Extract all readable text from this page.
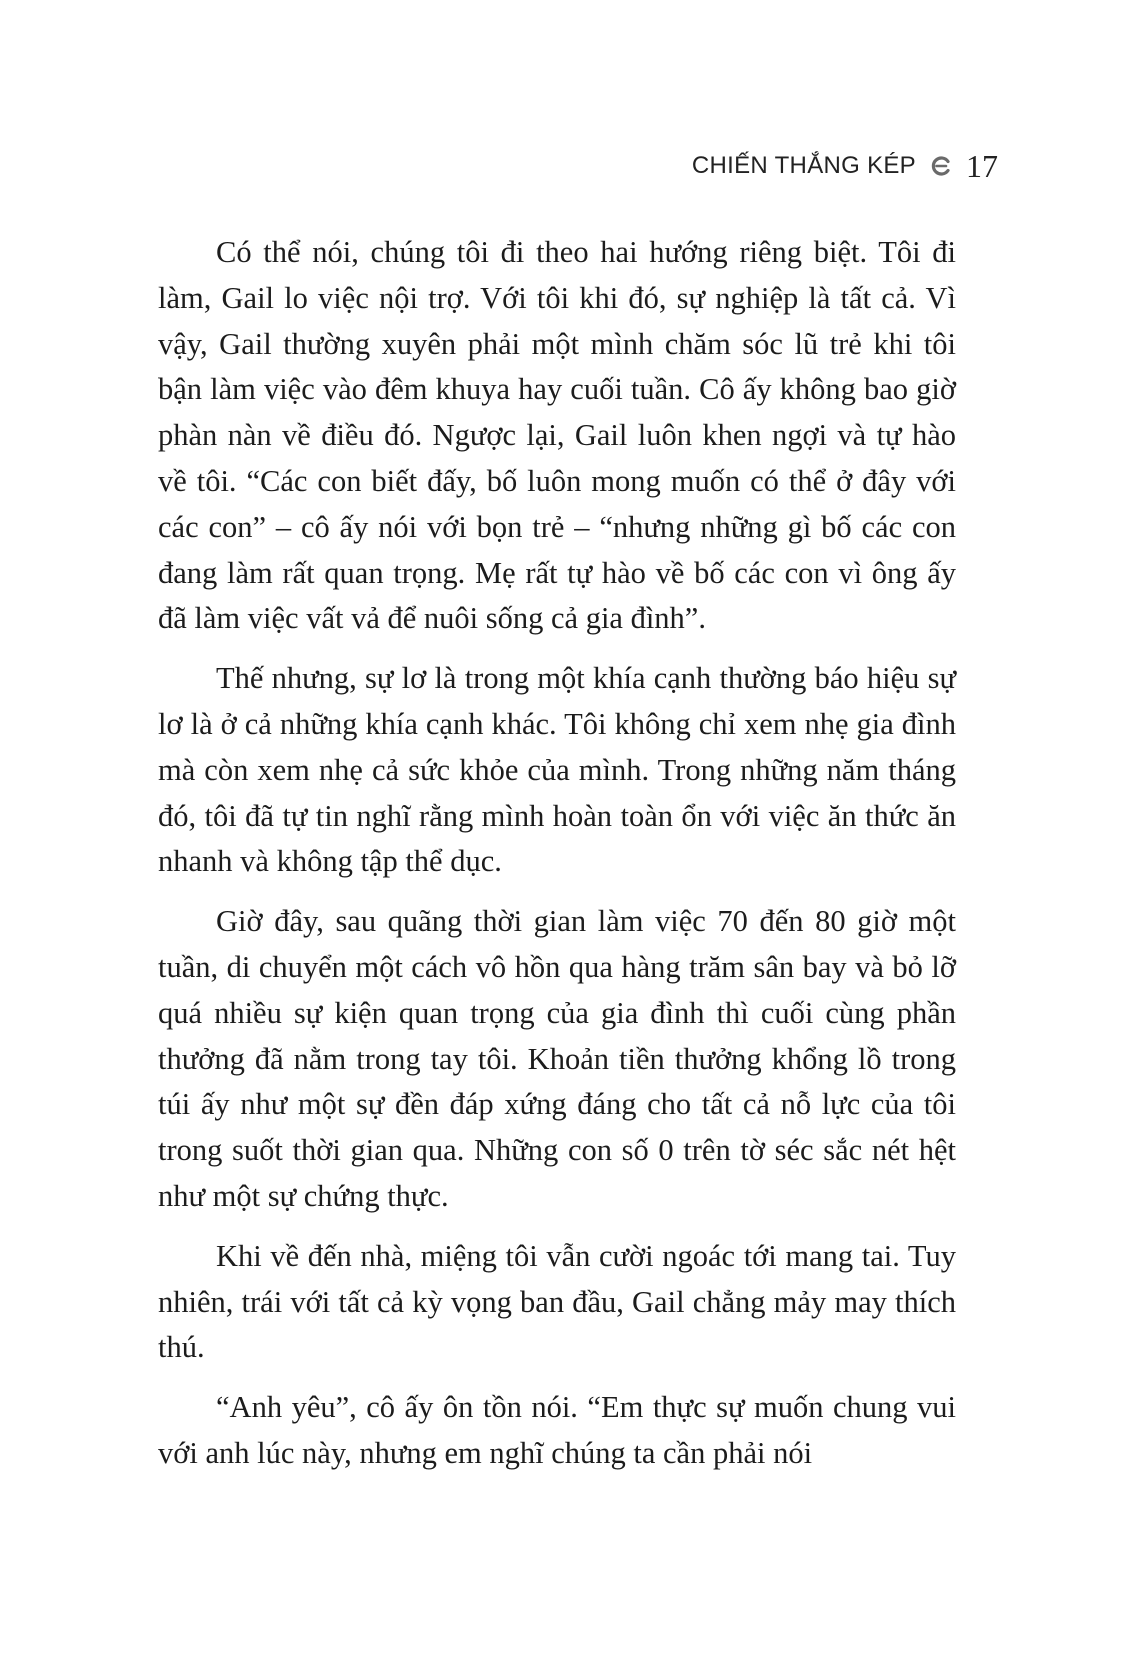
CHIẾN THẮNG KÉP 17

Có thể nói, chúng tôi đi theo hai hướng riêng biệt. Tôi đi làm, Gail lo việc nội trợ. Với tôi khi đó, sự nghiệp là tất cả. Vì vậy, Gail thường xuyên phải một mình chăm sóc lũ trẻ khi tôi bận làm việc vào đêm khuya hay cuối tuần. Cô ấy không bao giờ phàn nàn về điều đó. Ngược lại, Gail luôn khen ngợi và tự hào về tôi. “Các con biết đấy, bố luôn mong muốn có thể ở đây với các con” – cô ấy nói với bọn trẻ – “nhưng những gì bố các con đang làm rất quan trọng. Mẹ rất tự hào về bố các con vì ông ấy đã làm việc vất vả để nuôi sống cả gia đình”.

Thế nhưng, sự lơ là trong một khía cạnh thường báo hiệu sự lơ là ở cả những khía cạnh khác. Tôi không chỉ xem nhẹ gia đình mà còn xem nhẹ cả sức khỏe của mình. Trong những năm tháng đó, tôi đã tự tin nghĩ rằng mình hoàn toàn ổn với việc ăn thức ăn nhanh và không tập thể dục.

Giờ đây, sau quãng thời gian làm việc 70 đến 80 giờ một tuần, di chuyển một cách vô hồn qua hàng trăm sân bay và bỏ lỡ quá nhiều sự kiện quan trọng của gia đình thì cuối cùng phần thưởng đã nằm trong tay tôi. Khoản tiền thưởng khổng lồ trong túi ấy như một sự đền đáp xứng đáng cho tất cả nỗ lực của tôi trong suốt thời gian qua. Những con số 0 trên tờ séc sắc nét hệt như một sự chứng thực.

Khi về đến nhà, miệng tôi vẫn cười ngoác tới mang tai. Tuy nhiên, trái với tất cả kỳ vọng ban đầu, Gail chẳng mảy may thích thú.

“Anh yêu”, cô ấy ôn tồn nói. “Em thực sự muốn chung vui với anh lúc này, nhưng em nghĩ chúng ta cần phải nói
